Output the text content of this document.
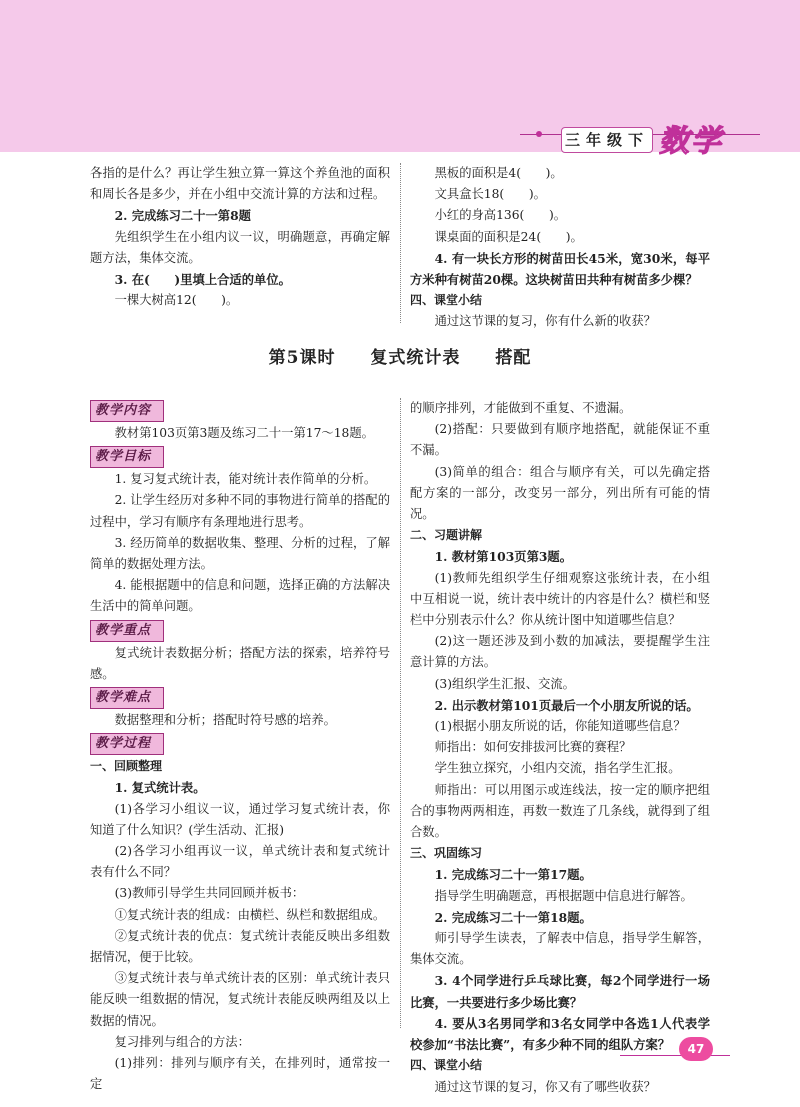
三年级下 数学

各指的是什么？再让学生独立算一算这个养鱼池的面积和周长各是多少，并在小组中交流计算的方法和过程。

2. 完成练习二十一第8题

先组织学生在小组内议一议，明确题意，再确定解题方法，集体交流。

3. 在(　　)里填上合适的单位。

一棵大树高12(　　)。

黑板的面积是4(　　)。

文具盒长18(　　)。

小红的身高136(　　)。

课桌面的面积是24(　　)。

4. 有一块长方形的树苗田长45米，宽30米，每平方米种有树苗20棵。这块树苗田共种有树苗多少棵？

四、课堂小结

通过这节课的复习，你有什么新的收获？

第5课时 复式统计表 搭配
教学内容

教材第103页第3题及练习二十一第17～18题。

教学目标

1. 复习复式统计表，能对统计表作简单的分析。

2. 让学生经历对多种不同的事物进行简单的搭配的过程中，学习有顺序有条理地进行思考。

3. 经历简单的数据收集、整理、分析的过程，了解简单的数据处理方法。

4. 能根据题中的信息和问题，选择正确的方法解决生活中的简单问题。

教学重点

复式统计表数据分析；搭配方法的探索，培养符号感。

教学难点

数据整理和分析；搭配时符号感的培养。

教学过程

一、回顾整理

1. 复式统计表。

(1)各学习小组议一议，通过学习复式统计表，你知道了什么知识？(学生活动、汇报)

(2)各学习小组再议一议，单式统计表和复式统计表有什么不同？

(3)教师引导学生共同回顾并板书：

①复式统计表的组成：由横栏、纵栏和数据组成。

②复式统计表的优点：复式统计表能反映出多组数据情况，便于比较。

③复式统计表与单式统计表的区别：单式统计表只能反映一组数据的情况，复式统计表能反映两组及以上数据的情况。

复习排列与组合的方法：

(1)排列：排列与顺序有关，在排列时，通常按一定

的顺序排列，才能做到不重复、不遗漏。

(2)搭配：只要做到有顺序地搭配，就能保证不重不漏。

(3)简单的组合：组合与顺序有关，可以先确定搭配方案的一部分，改变另一部分，列出所有可能的情况。

二、习题讲解

1. 教材第103页第3题。

(1)教师先组织学生仔细观察这张统计表，在小组中互相说一说，统计表中统计的内容是什么？横栏和竖栏中分别表示什么？你从统计图中知道哪些信息？

(2)这一题还涉及到小数的加减法，要提醒学生注意计算的方法。

(3)组织学生汇报、交流。

2. 出示教材第101页最后一个小朋友所说的话。

(1)根据小朋友所说的话，你能知道哪些信息？

师指出：如何安排拔河比赛的赛程？

学生独立探究，小组内交流，指名学生汇报。

师指出：可以用图示或连线法，按一定的顺序把组合的事物两两相连，再数一数连了几条线，就得到了组合数。

三、巩固练习

1. 完成练习二十一第17题。

指导学生明确题意，再根据题中信息进行解答。

2. 完成练习二十一第18题。

师引导学生读表，了解表中信息，指导学生解答，集体交流。

3. 4个同学进行乒乓球比赛，每2个同学进行一场比赛，一共要进行多少场比赛？

4. 要从3名男同学和3名女同学中各选1人代表学校参加“书法比赛”，有多少种不同的组队方案？

四、课堂小结

通过这节课的复习，你又有了哪些收获？

47
